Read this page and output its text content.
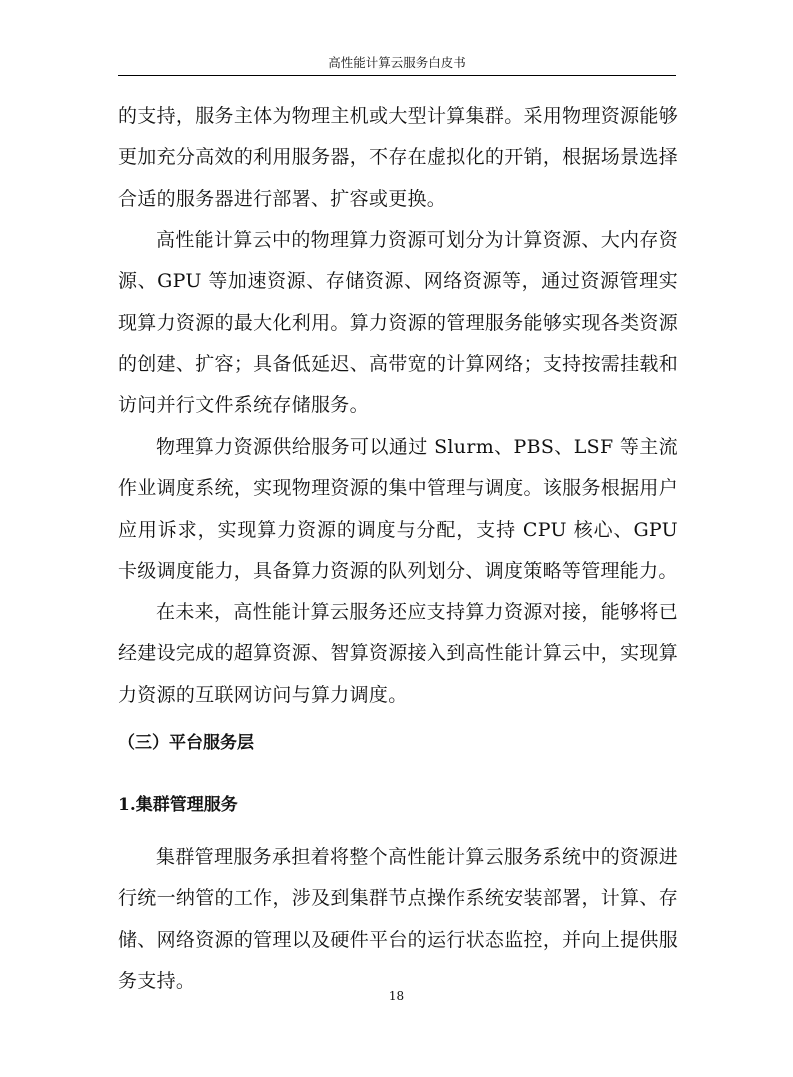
高性能计算云服务白皮书

的支持，服务主体为物理主机或大型计算集群。采用物理资源能够更加充分高效的利用服务器，不存在虚拟化的开销，根据场景选择合适的服务器进行部署、扩容或更换。

高性能计算云中的物理算力资源可划分为计算资源、大内存资源、GPU 等加速资源、存储资源、网络资源等，通过资源管理实现算力资源的最大化利用。算力资源的管理服务能够实现各类资源的创建、扩容；具备低延迟、高带宽的计算网络；支持按需挂载和访问并行文件系统存储服务。

物理算力资源供给服务可以通过 Slurm、PBS、LSF 等主流作业调度系统，实现物理资源的集中管理与调度。该服务根据用户应用诉求，实现算力资源的调度与分配，支持 CPU 核心、GPU 卡级调度能力，具备算力资源的队列划分、调度策略等管理能力。

在未来，高性能计算云服务还应支持算力资源对接，能够将已经建设完成的超算资源、智算资源接入到高性能计算云中，实现算力资源的互联网访问与算力调度。

（三）平台服务层
1.集群管理服务

集群管理服务承担着将整个高性能计算云服务系统中的资源进行统一纳管的工作，涉及到集群节点操作系统安装部署，计算、存储、网络资源的管理以及硬件平台的运行状态监控，并向上提供服务支持。

18
